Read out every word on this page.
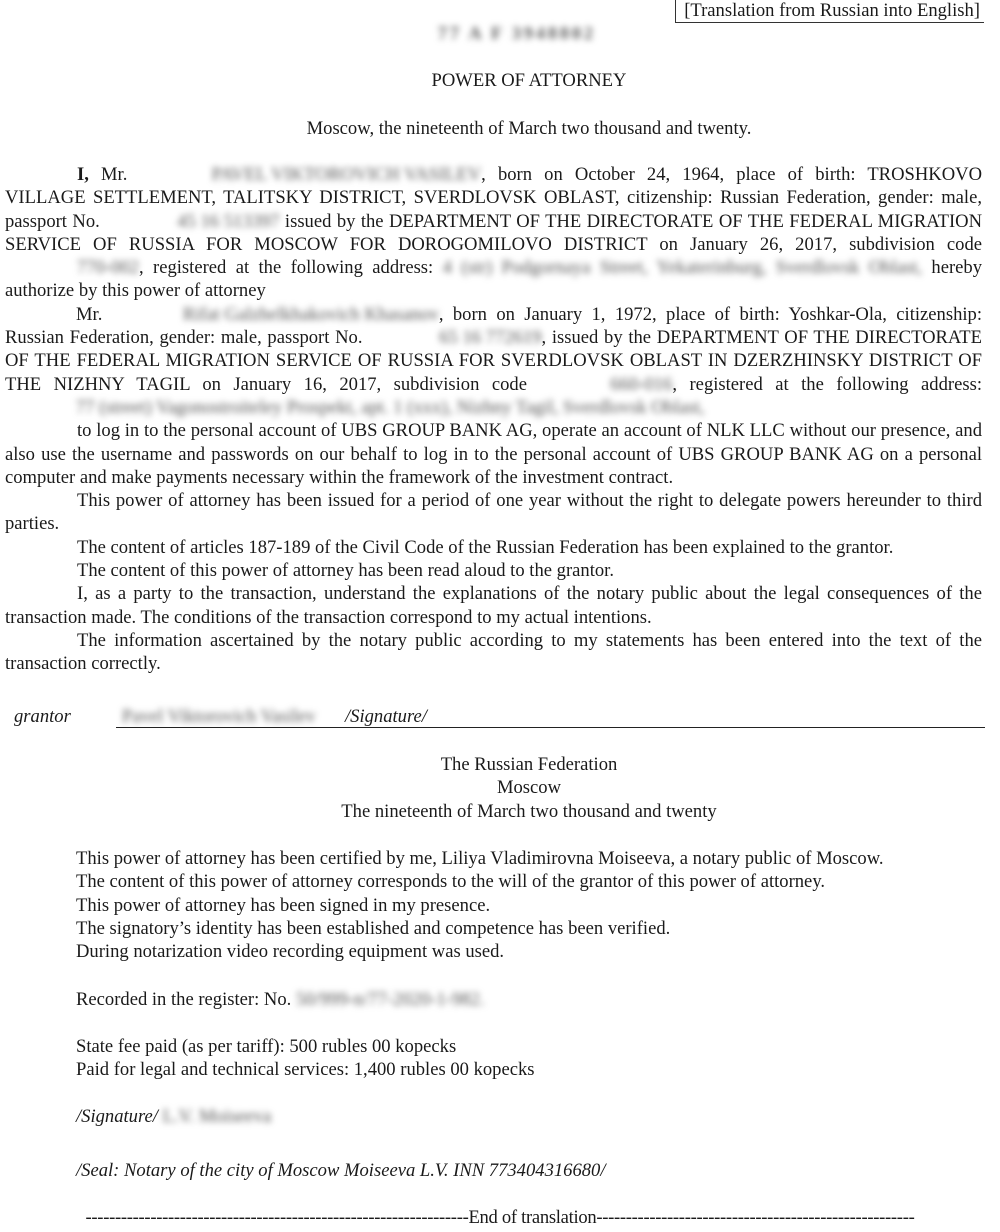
[Translation from Russian into English]
77 A F 3948802
POWER OF ATTORNEY
Moscow, the nineteenth of March two thousand and twenty.

I, Mr.	PAVEL VIKTOROVICH VASILEV, born on October 24, 1964, place of birth: TROSHKOVO VILLAGE SETTLEMENT, TALITSKY DISTRICT, SVERDLOVSK OBLAST, citizenship: Russian Federation, gender: male, passport No.	45 16 513397 issued by the DEPARTMENT OF THE DIRECTORATE OF THE FEDERAL MIGRATION SERVICE OF RUSSIA FOR MOSCOW FOR DOROGOMILOVO DISTRICT on January 26, 2017, subdivision code 770-002, registered at the following address: 4 (str) Podgornaya Street, Yekaterinburg, Sverdlovsk Oblast, hereby authorize by this power of attorney

Mr.	Rifat Galzhelkhakovich Khasanov, born on January 1, 1972, place of birth: Yoshkar-Ola, citizenship: Russian Federation, gender: male, passport No.	65 16 772619, issued by the DEPARTMENT OF THE DIRECTORATE OF THE FEDERAL MIGRATION SERVICE OF RUSSIA FOR SVERDLOVSK OBLAST IN DZERZHINSKY DISTRICT OF THE NIZHNY TAGIL on January 16, 2017, subdivision code	660-016, registered at the following address: 77 (street) Vagonostroiteley Prospekt, apt. 1 (xxx), Nizhny Tagil, Sverdlovsk Oblast,

to log in to the personal account of UBS GROUP BANK AG, operate an account of NLK LLC without our presence, and also use the username and passwords on our behalf to log in to the personal account of UBS GROUP BANK AG on a personal computer and make payments necessary within the framework of the investment contract.

This power of attorney has been issued for a period of one year without the right to delegate powers hereunder to third parties.

The content of articles 187-189 of the Civil Code of the Russian Federation has been explained to the grantor.

The content of this power of attorney has been read aloud to the grantor.

I, as a party to the transaction, understand the explanations of the notary public about the legal consequences of the transaction made. The conditions of the transaction correspond to my actual intentions.

The information ascertained by the notary public according to my statements has been entered into the text of the transaction correctly.

grantor	Pavel Viktorovich Vasilev /Signature/
The Russian Federation
Moscow
The nineteenth of March two thousand and twenty
This power of attorney has been certified by me, Liliya Vladimirovna Moiseeva, a notary public of Moscow.
The content of this power of attorney corresponds to the will of the grantor of this power of attorney.
This power of attorney has been signed in my presence.
The signatory’s identity has been established and competence has been verified.
During notarization video recording equipment was used.
Recorded in the register: No. 50/999-n/77-2020-1-982.
State fee paid (as per tariff): 500 rubles 00 kopecks
Paid for legal and technical services: 1,400 rubles 00 kopecks
/Signature/ L.V. Moiseeva
/Seal: Notary of the city of Moscow Moiseeva L.V. INN 773404316680/
-----------------------------------------------------------------End of translation------------------------------------------------------
